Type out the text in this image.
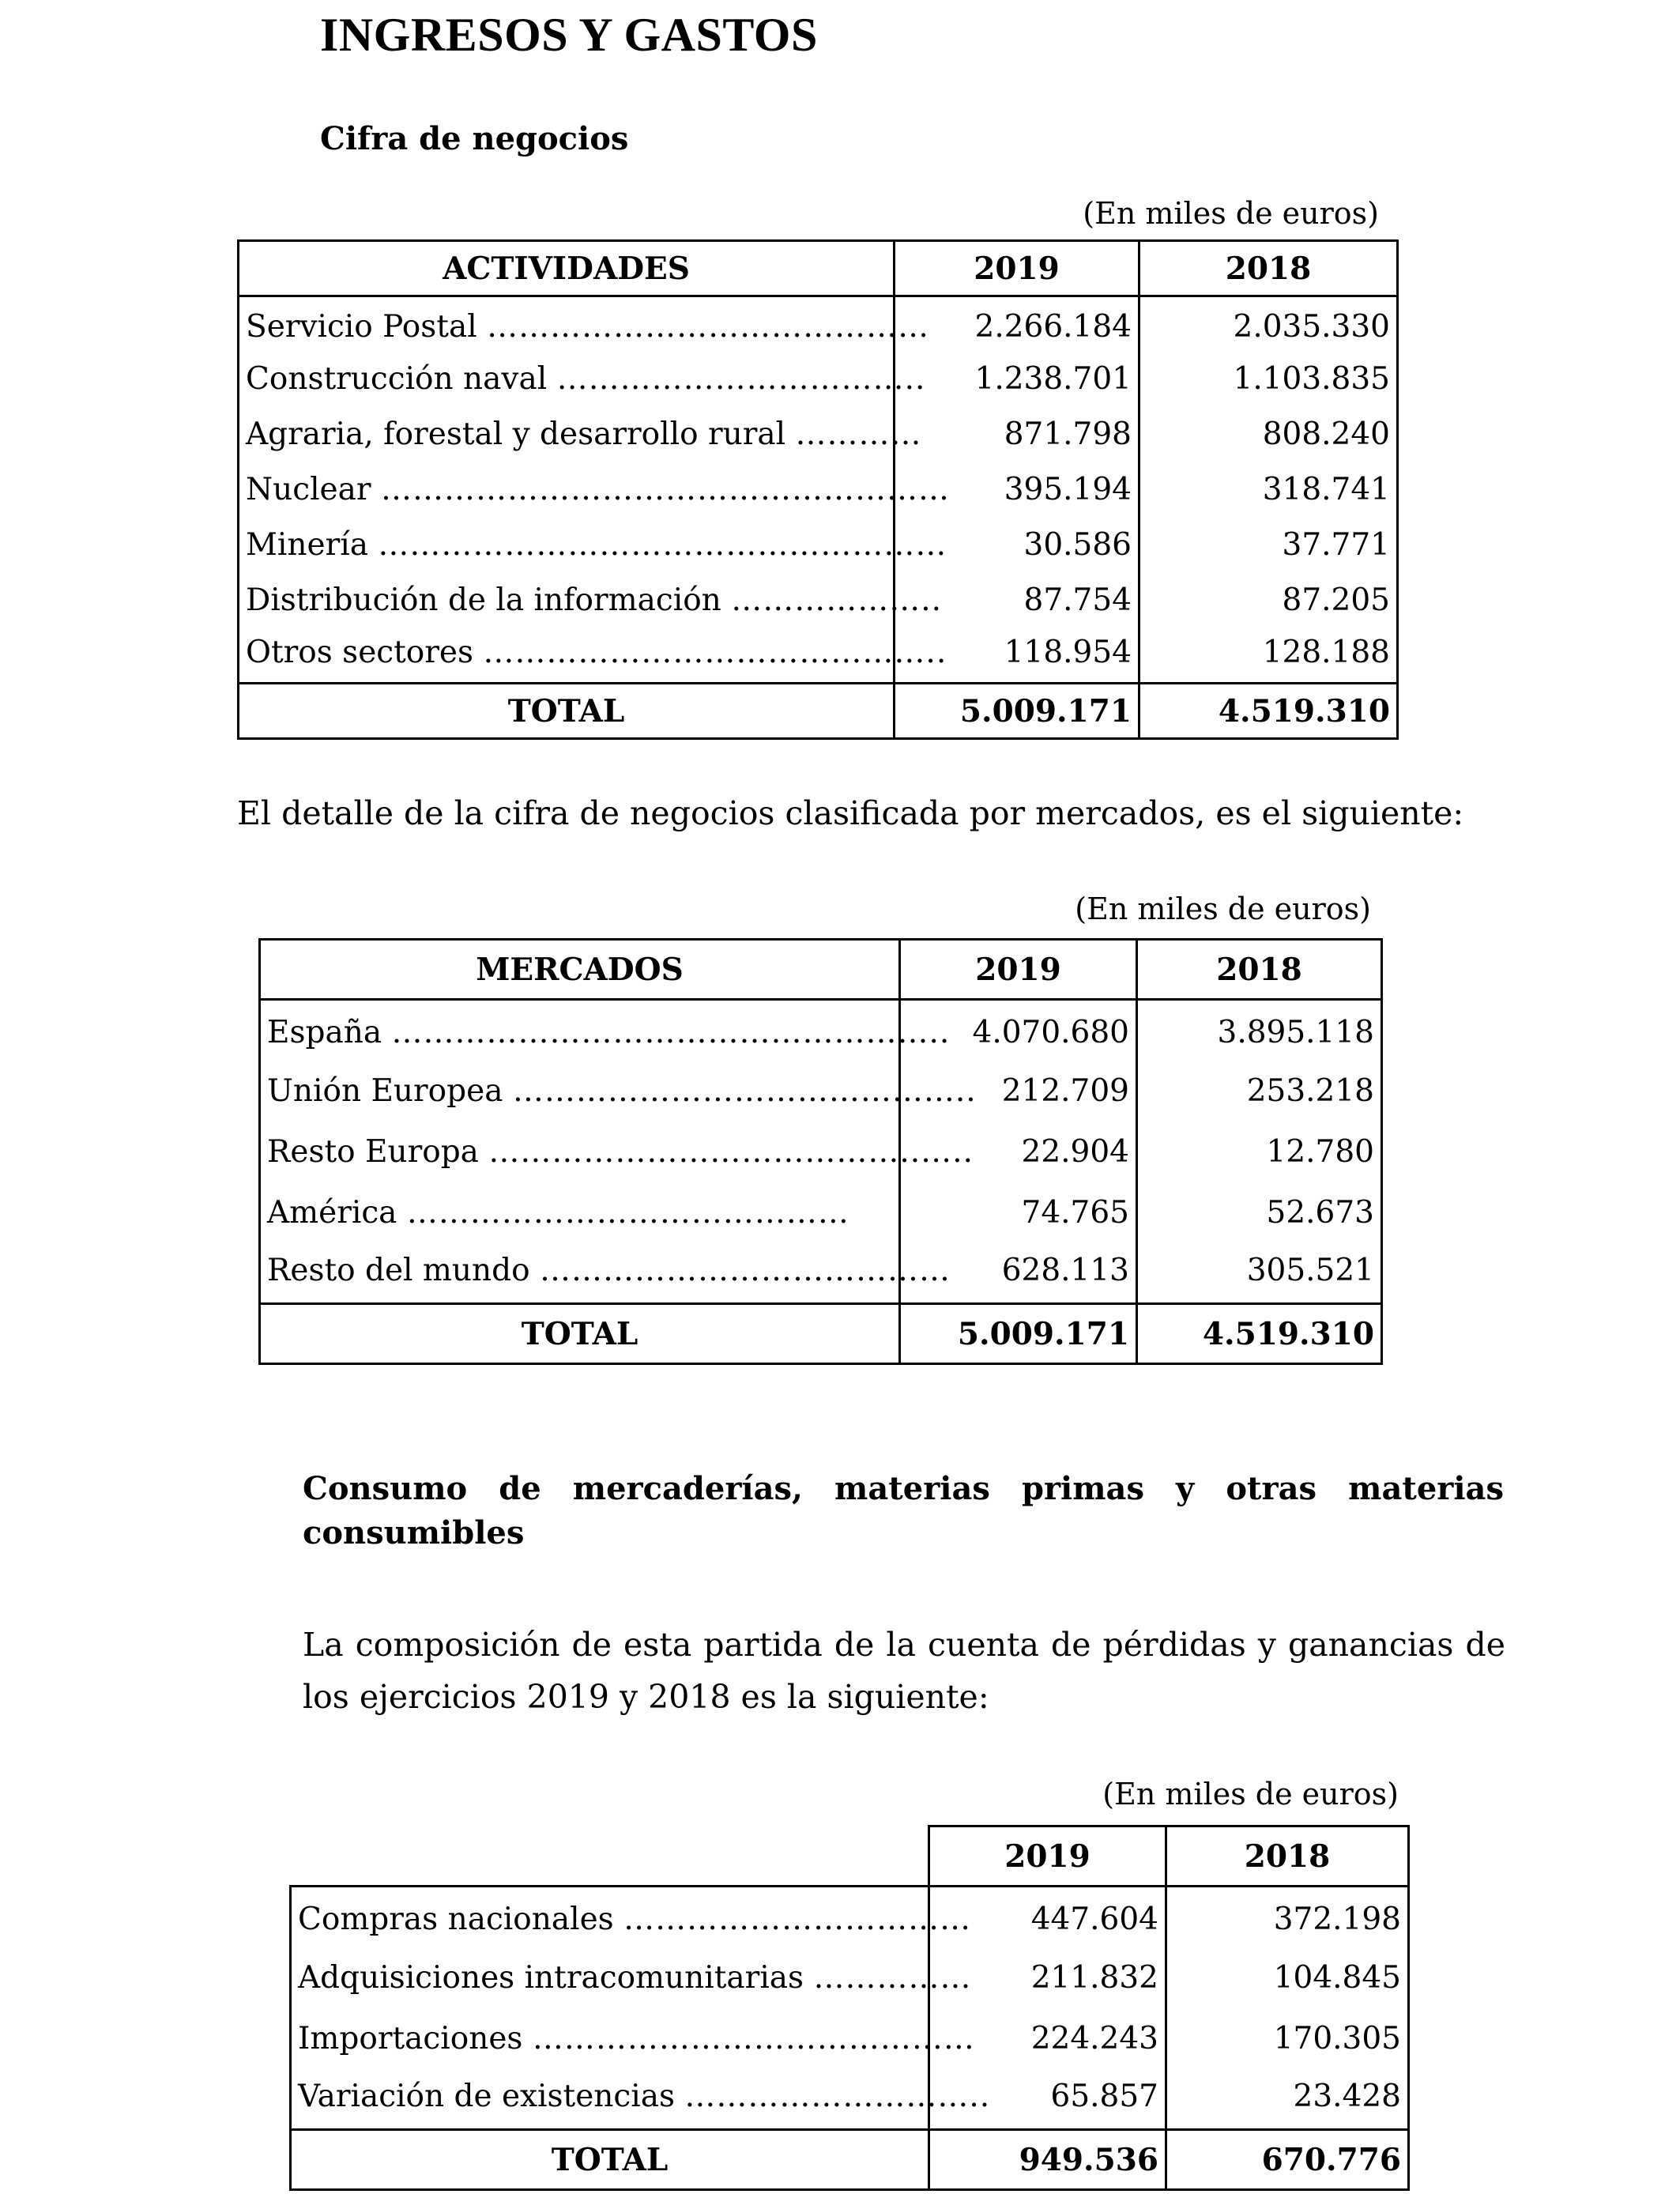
INGRESOS Y GASTOS

Cifra de negocios

(En miles de euros)
ACTIVIDADES	2019	2018
Servicio Postal ……………………………………	2.266.184	2.035.330
Construcción naval ……………………………..	1.238.701	1.103.835
Agraria, forestal y desarrollo rural …………	871.798	808.240
Nuclear ………………………………………………	395.194	318.741
Minería ………………………………………………	30.586	37.771
Distribución de la información ………………..	87.754	87.205
Otros sectores ……………………………………..	118.954	128.188
TOTAL	5.009.171	4.519.310

El detalle de la cifra de negocios clasificada por mercados, es el siguiente:

(En miles de euros)
MERCADOS	2019	2018
España ……………………………………………..	4.070.680	3.895.118
Unión Europea ……………………………………..	212.709	253.218
Resto Europa …………………………………..…..	22.904	12.780
América ……………………………………	74.765	52.673
Resto del mundo …………………………………	628.113	305.521
TOTAL	5.009.171	4.519.310

Consumo de mercaderías, materias primas y otras materias consumibles

La composición de esta partida de la cuenta de pérdidas y ganancias de los ejercicios 2019 y 2018 es la siguiente:

(En miles de euros)
	2019	2018
Compras nacionales ……………………………	447.604	372.198
Adquisiciones intracomunitarias ……………	211.832	104.845
Importaciones ……………………………………	224.243	170.305
Variación de existencias ………………………..	65.857	23.428
TOTAL	949.536	670.776
